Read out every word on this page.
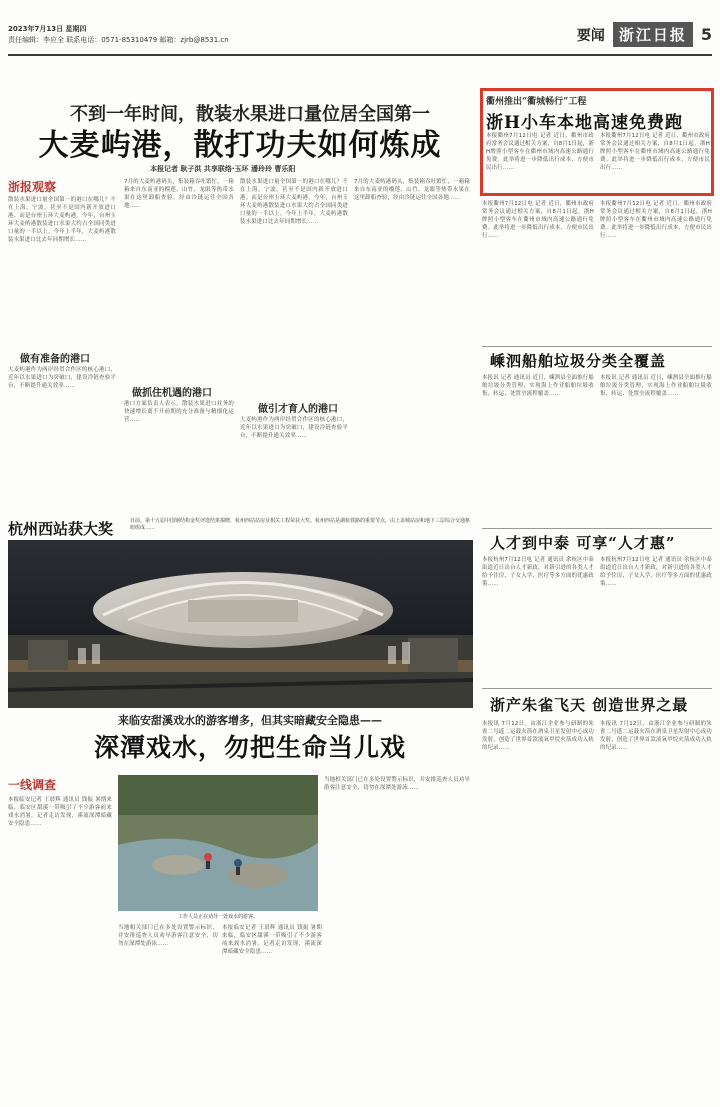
2023年7月13日 星期四
责任编辑：李应全 联系电话：0571-85310479 邮箱：zjrb@8531.cn	要闻 浙江日报 5
不到一年时间，散装水果进口量位居全国第一
大麦屿港，散打功夫如何炼成
本报记者 耿子洪 共享联络·玉环 潘玲玲 曹乐阳
浙报观察
散装水果进口量全国第一的港口在哪儿？不在上海，宁波，甚至不是国内新开放进口港。而是台州玉环大麦屿港。今年，台州玉环大麦屿港散装进口水果大约占全国同类进口量的一半以上。今年上半年，大麦屿港散装水果进口比去年同期增长……
做有准备的港口
大麦屿港作为两岸经贸合作区的核心港口，近年以水果进口为突破口，建设冷链查验平台，不断提升通关效率……
7月的大麦屿港码头，集装箱吞吐繁忙，一箱箱来自东南亚的榴莲、山竹、龙眼等热带水果在这里卸船查验，经由冷链运往全国各地……
做抓住机遇的港口
港口方面负责人表示，散装水果进口业务的快速增长离不开前期的充分准备与精细化运营……
散装水果进口量全国第一的港口在哪儿？不在上海，宁波，甚至不是国内新开放进口港。而是台州玉环大麦屿港。今年，台州玉环大麦屿港散装进口水果大约占全国同类进口量的一半以上。今年上半年，大麦屿港散装水果进口比去年同期增长……
做引才育人的港口
大麦屿港作为两岸经贸合作区的核心港口，近年以水果进口为突破口，建设冷链查验平台，不断提升通关效率……
7月的大麦屿港码头，集装箱吞吐繁忙，一箱箱来自东南亚的榴莲、山竹、龙眼等热带水果在这里卸船查验，经由冷链运往全国各地……
杭州西站获大奖	日前，第十五届中国钢结构金奖评选结果揭晓，杭州西站站房及相关工程荣获大奖。杭州西站是湖杭铁路的重要节点，由上盖城站房和地下三层综合交通枢纽组成……
来临安甜溪戏水的游客增多，但其实暗藏安全隐患——
深潭戏水，勿把生命当儿戏
一线调查
本报临安记者 王晨辉 通讯员 钱振 暑期来临，临安区甜溪一带吸引了不少游客前来戏水消暑。记者走访发现，溪流深潭暗藏安全隐患……
工作人员正在劝导一处戏水的游客。
当地相关部门已在多处设置警示标识，并安排巡查人员劝导游客注意安全，切勿在深潭处游泳……
本报临安记者 王晨辉 通讯员 钱振 暑期来临，临安区甜溪一带吸引了不少游客前来戏水消暑。记者走访发现，溪流深潭暗藏安全隐患……
当地相关部门已在多处设置警示标识，并安排巡查人员劝导游客注意安全，切勿在深潭处游泳……
衢州推出“衢城畅行”工程
浙H小车本地高速免费跑
本报衢州7月12日电 记者 近日，衢州市政府常务会议通过相关方案，自8月1日起，浙H牌照小型客车在衢州市域内高速公路通行免费。此举将进一步降低出行成本，方便市民出行……
本报衢州7月12日电 记者 近日，衢州市政府常务会议通过相关方案，自8月1日起，浙H牌照小型客车在衢州市域内高速公路通行免费。此举将进一步降低出行成本，方便市民出行……
本报衢州7月12日电 记者 近日，衢州市政府常务会议通过相关方案，自8月1日起，浙H牌照小型客车在衢州市域内高速公路通行免费。此举将进一步降低出行成本，方便市民出行……
本报衢州7月12日电 记者 近日，衢州市政府常务会议通过相关方案，自8月1日起，浙H牌照小型客车在衢州市域内高速公路通行免费。此举将进一步降低出行成本，方便市民出行……
嵊泗船舶垃圾分类全覆盖
本报讯 记者 通讯员 近日，嵊泗县全面推行船舶垃圾分类管理，实现海上作业船舶垃圾收集、转运、处置全流程覆盖……
本报讯 记者 通讯员 近日，嵊泗县全面推行船舶垃圾分类管理，实现海上作业船舶垃圾收集、转运、处置全流程覆盖……
人才到中泰 可享“人才惠”
本报杭州7月12日电 记者 通讯员 余杭区中泰街道近日出台人才新政，对新引进的各类人才给予住房、子女入学、医疗等多方面的优惠政策……
本报杭州7月12日电 记者 通讯员 余杭区中泰街道近日出台人才新政，对新引进的各类人才给予住房、子女入学、医疗等多方面的优惠政策……
浙产朱雀飞天 创造世界之最
本报讯 7月12日，由浙江企业参与研制的朱雀二号遥二运载火箭在酒泉卫星发射中心成功发射，创造了世界首款液氧甲烷火箭成功入轨的纪录……
本报讯 7月12日，由浙江企业参与研制的朱雀二号遥二运载火箭在酒泉卫星发射中心成功发射，创造了世界首款液氧甲烷火箭成功入轨的纪录……
